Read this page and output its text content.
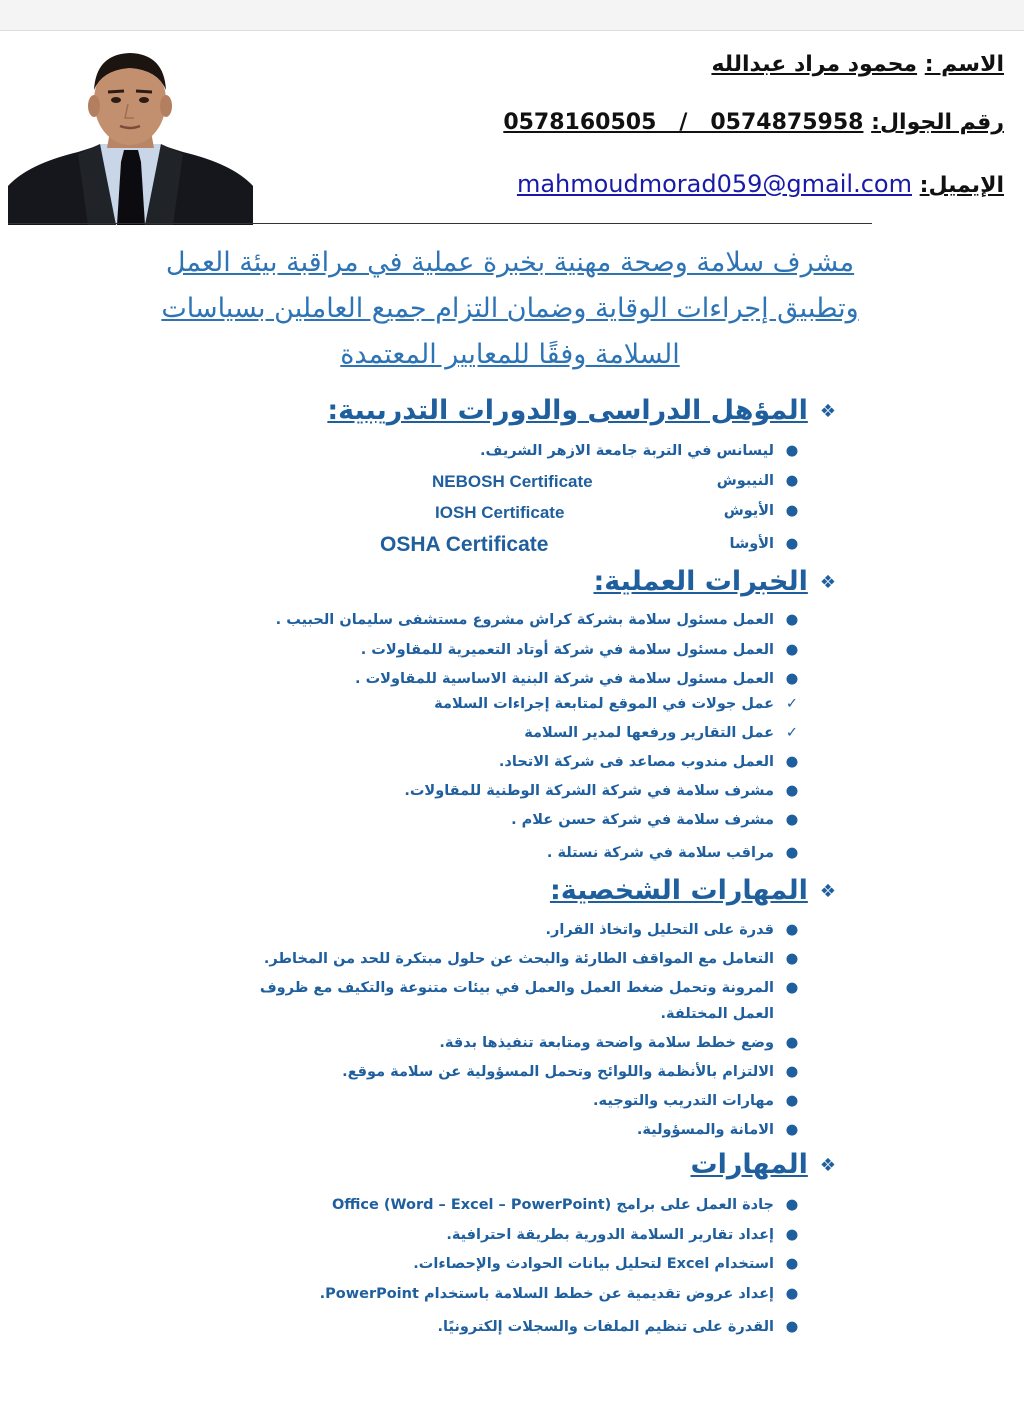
الاسم : محمود مراد عبدالله
رقم الجوال: 0578160505   /   0574875958
الإيميل: mahmoudmorad059@gmail.com
مشرف سلامة وصحة مهنية بخبرة عملية في مراقبة بيئة العمل وتطبيق إجراءات الوقاية وضمان التزام جميع العاملين بسياسات السلامة وفقًا للمعايير المعتمدة
❖المؤهل الدراسى والدورات التدريبية:
●
ليسانس في التربة جامعة الازهر الشريف.
●
النيبوش
●
الأيوش
●
الأوشا
NEBOSH Certificate
IOSH Certificate
OSHA Certificate
❖الخبرات العملية:
●
العمل مسئول سلامة بشركة كراش مشروع مستشفى سليمان الحبيب .
●
العمل مسئول سلامة في شركة أوتاد التعميرية للمقاولات .
●
العمل مسئول سلامة في شركة البنية الاساسية للمقاولات .
✓
عمل جولات في الموقع لمتابعة إجراءات السلامة
✓
عمل التقارير ورفعها لمدير السلامة
●
العمل مندوب مصاعد فى شركة الاتحاد.
●
مشرف سلامة في شركة الشركة الوطنية للمقاولات.
●
مشرف سلامة في شركة حسن علام .
●
مراقب سلامة في شركة نستلة .
❖المهارات الشخصية:
●
قدرة على التحليل واتخاذ القرار.
●
التعامل مع المواقف الطارئة والبحث عن حلول مبتكرة للحد من المخاطر.
●
المرونة وتحمل ضغط العمل والعمل في بيئات متنوعة والتكيف مع ظروف العمل المختلفة.
●
وضع خطط سلامة واضحة ومتابعة تنفيذها بدقة.
●
الالتزام بالأنظمة واللوائح وتحمل المسؤولية عن سلامة موقع.
●
مهارات التدريب والتوجيه.
●
الامانة والمسؤولية.
❖المهارات
●
جادة العمل على برامج Office (Word – Excel – PowerPoint)
●
إعداد تقارير السلامة الدورية بطريقة احترافية.
●
استخدام Excel لتحليل بيانات الحوادث والإحصاءات.
●
إعداد عروض تقديمية عن خطط السلامة باستخدام PowerPoint.
●
القدرة على تنظيم الملفات والسجلات إلكترونيًا.
